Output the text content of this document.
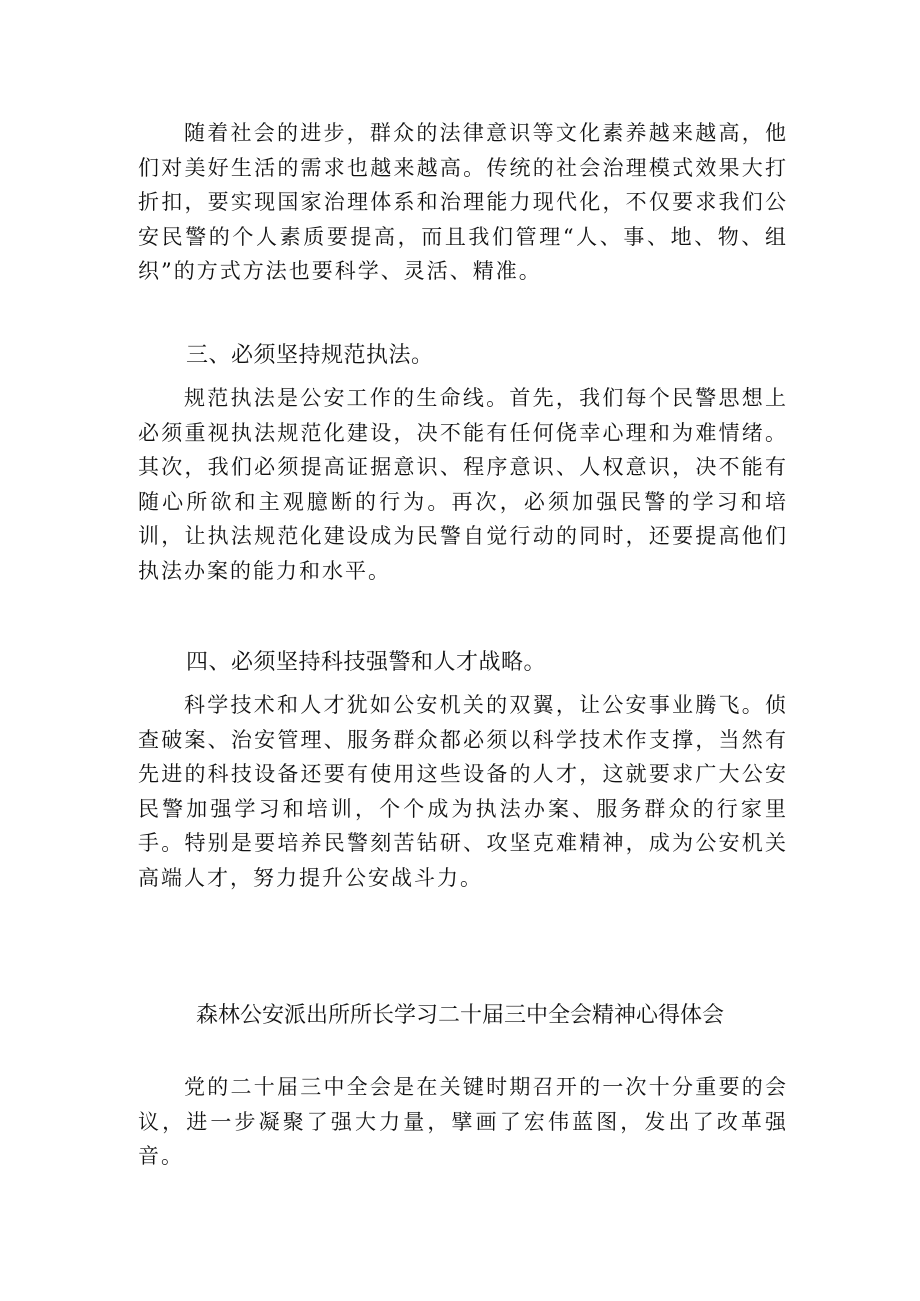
随着社会的进步，群众的法律意识等文化素养越来越高，他们对美好生活的需求也越来越高。传统的社会治理模式效果大打折扣，要实现国家治理体系和治理能力现代化，不仅要求我们公安民警的个人素质要提高，而且我们管理“人、事、地、物、组织”的方式方法也要科学、灵活、精准。

三、必须坚持规范执法。

规范执法是公安工作的生命线。首先，我们每个民警思想上必须重视执法规范化建设，决不能有任何侥幸心理和为难情绪。其次，我们必须提高证据意识、程序意识、人权意识，决不能有随心所欲和主观臆断的行为。再次，必须加强民警的学习和培训，让执法规范化建设成为民警自觉行动的同时，还要提高他们执法办案的能力和水平。

四、必须坚持科技强警和人才战略。

科学技术和人才犹如公安机关的双翼，让公安事业腾飞。侦查破案、治安管理、服务群众都必须以科学技术作支撑，当然有先进的科技设备还要有使用这些设备的人才，这就要求广大公安民警加强学习和培训，个个成为执法办案、服务群众的行家里手。特别是要培养民警刻苦钻研、攻坚克难精神，成为公安机关高端人才，努力提升公安战斗力。

森林公安派出所所长学习二十届三中全会精神心得体会

党的二十届三中全会是在关键时期召开的一次十分重要的会议，进一步凝聚了强大力量，擘画了宏伟蓝图，发出了改革强音。
